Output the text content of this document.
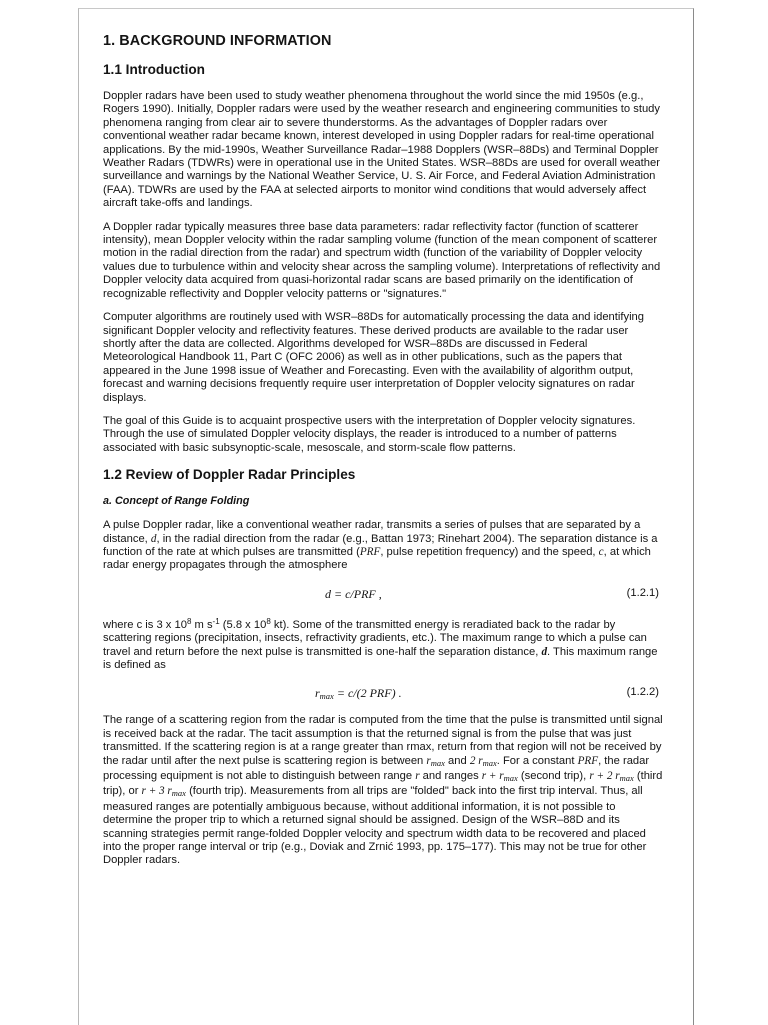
1. BACKGROUND INFORMATION
1.1 Introduction

Doppler radars have been used to study weather phenomena throughout the world since the mid 1950s (e.g., Rogers 1990). Initially, Doppler radars were used by the weather research and engineering communities to study phenomena ranging from clear air to severe thunderstorms. As the advantages of Doppler radars over conventional weather radar became known, interest developed in using Doppler radars for real-time operational applications. By the mid-1990s, Weather Surveillance Radar–1988 Dopplers (WSR–88Ds) and Terminal Doppler Weather Radars (TDWRs) were in operational use in the United States. WSR–88Ds are used for overall weather surveillance and warnings by the National Weather Service, U. S. Air Force, and Federal Aviation Administration (FAA). TDWRs are used by the FAA at selected airports to monitor wind conditions that would adversely affect aircraft take-offs and landings.

A Doppler radar typically measures three base data parameters: radar reflectivity factor (function of scatterer intensity), mean Doppler velocity within the radar sampling volume (function of the mean component of scatterer motion in the radial direction from the radar) and spectrum width (function of the variability of Doppler velocity values due to turbulence within and velocity shear across the sampling volume). Interpretations of reflectivity and Doppler velocity data acquired from quasi-horizontal radar scans are based primarily on the identification of recognizable reflectivity and Doppler velocity patterns or "signatures."

Computer algorithms are routinely used with WSR–88Ds for automatically processing the data and identifying significant Doppler velocity and reflectivity features. These derived products are available to the radar user shortly after the data are collected. Algorithms developed for WSR–88Ds are discussed in Federal Meteorological Handbook 11, Part C (OFC 2006) as well as in other publications, such as the papers that appeared in the June 1998 issue of Weather and Forecasting. Even with the availability of algorithm output, forecast and warning decisions frequently require user interpretation of Doppler velocity signatures on radar displays.

The goal of this Guide is to acquaint prospective users with the interpretation of Doppler velocity signatures. Through the use of simulated Doppler velocity displays, the reader is introduced to a number of patterns associated with basic subsynoptic-scale, mesoscale, and storm-scale flow patterns.

1.2 Review of Doppler Radar Principles
a. Concept of Range Folding

A pulse Doppler radar, like a conventional weather radar, transmits a series of pulses that are separated by a distance, d, in the radial direction from the radar (e.g., Battan 1973; Rinehart 2004). The separation distance is a function of the rate at which pulses are transmitted (PRF, pulse repetition frequency) and the speed, c, at which radar energy propagates through the atmosphere

d = c/PRF ,	(1.2.1)

where c is 3 x $10^8$ m $s^{-1}$ (5.8 x $10^8$ kt). Some of the transmitted energy is reradiated back to the radar by scattering regions (precipitation, insects, refractivity gradients, etc.). The maximum range to which a pulse can travel and return before the next pulse is transmitted is one-half the separation distance, d. This maximum range is defined as

$r_{max} = c/(2$ PRF) .	(1.2.2)

The range of a scattering region from the radar is computed from the time that the pulse is transmitted until signal is received back at the radar. The tacit assumption is that the returned signal is from the pulse that was just transmitted. If the scattering region is at a range greater than rmax, return from that region will not be received by the radar until after the next pulse is scattering region is between $r_{max}$ and 2 $r_{max}$. For a constant PRF, the radar processing equipment is not able to distinguish between range r and ranges $r + r_{max}$ (second trip), r + 2 $r_{max}$ (third trip), or r + 3 $r_{max}$ (fourth trip). Measurements from all trips are "folded" back into the first trip interval. Thus, all measured ranges are potentially ambiguous because, without additional information, it is not possible to determine the proper trip to which a returned signal should be assigned. Design of the WSR–88D and its scanning strategies permit range-folded Doppler velocity and spectrum width data to be recovered and placed into the proper range interval or trip (e.g., Doviak and Zrnić 1993, pp. 175–177). This may not be true for other Doppler radars.
